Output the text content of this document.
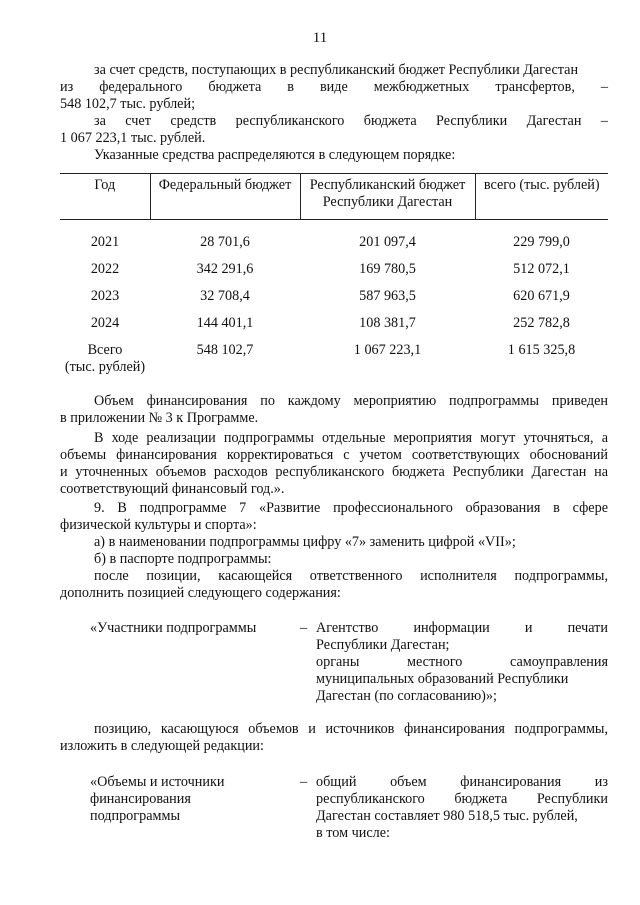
11
за счет средств, поступающих в республиканский бюджет Республики Дагестан
из федерального бюджета в виде межбюджетных трансфертов, –
548 102,7 тыс. рублей;
за счет средств республиканского бюджета Республики Дагестан –
1 067 223,1 тыс. рублей.
Указанные средства распределяются в следующем порядке:
Год	Федеральный бюджет	Республиканский бюджет Республики Дагестан	всего (тыс. рублей)
2021	28 701,6	201 097,4	229 799,0
2022	342 291,6	169 780,5	512 072,1
2023	32 708,4	587 963,5	620 671,9
2024	144 401,1	108 381,7	252 782,8

Всего
(тыс. рублей)	548 102,7	1 067 223,1	1 615 325,8
Объем финансирования по каждому мероприятию подпрограммы приведен
в приложении № 3 к Программе.
В ходе реализации подпрограммы отдельные мероприятия могут уточняться, а
объемы финансирования корректироваться с учетом соответствующих обоснований
и уточненных объемов расходов республиканского бюджета Республики Дагестан на
соответствующий финансовый год.».
9. В подпрограмме 7 «Развитие профессионального образования в сфере
физической культуры и спорта»:
а) в наименовании подпрограммы цифру «7» заменить цифрой «VII»;
б) в паспорте подпрограммы:
после позиции, касающейся ответственного исполнителя подпрограммы,
дополнить позицией следующего содержания:
«Участники подпрограммы	– Агентство информации и печати
Республики Дагестан;
органы	местного	самоуправления
муниципальных образований Республики
Дагестан (по согласованию)»;
позицию, касающуюся объемов и источников финансирования подпрограммы,
изложить в следующей редакции:
«Объемы и источники
финансирования
подпрограммы
– общий объем финансирования из
республиканского бюджета Республики
Дагестан составляет 980 518,5 тыс. рублей,
в том числе:
